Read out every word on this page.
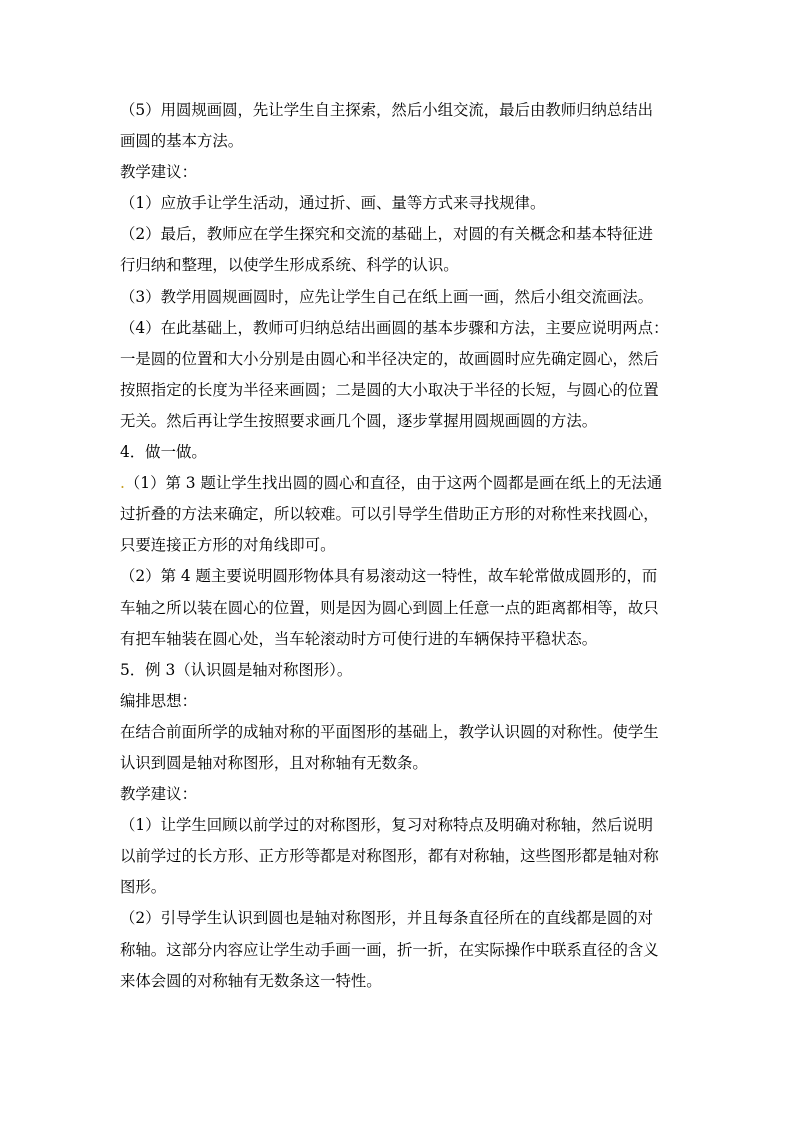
（5）用圆规画圆，先让学生自主探索，然后小组交流，最后由教师归纳总结出
画圆的基本方法。
教学建议：
（1）应放手让学生活动，通过折、画、量等方式来寻找规律。
（2）最后，教师应在学生探究和交流的基础上，对圆的有关概念和基本特征进
行归纳和整理，以使学生形成系统、科学的认识。
（3）教学用圆规画圆时，应先让学生自己在纸上画一画，然后小组交流画法。
（4）在此基础上，教师可归纳总结出画圆的基本步骤和方法，主要应说明两点：
一是圆的位置和大小分别是由圆心和半径决定的，故画圆时应先确定圆心，然后
按照指定的长度为半径来画圆；二是圆的大小取决于半径的长短，与圆心的位置
无关。然后再让学生按照要求画几个圆，逐步掌握用圆规画圆的方法。
4．做一做。
.（1）第 3 题让学生找出圆的圆心和直径，由于这两个圆都是画在纸上的无法通
过折叠的方法来确定，所以较难。可以引导学生借助正方形的对称性来找圆心，
只要连接正方形的对角线即可。
（2）第 4 题主要说明圆形物体具有易滚动这一特性，故车轮常做成圆形的，而
车轴之所以装在圆心的位置，则是因为圆心到圆上任意一点的距离都相等，故只
有把车轴装在圆心处，当车轮滚动时方可使行进的车辆保持平稳状态。
5．例 3（认识圆是轴对称图形）。
编排思想：
在结合前面所学的成轴对称的平面图形的基础上，教学认识圆的对称性。使学生
认识到圆是轴对称图形，且对称轴有无数条。
教学建议：
（1）让学生回顾以前学过的对称图形，复习对称特点及明确对称轴，然后说明
以前学过的长方形、正方形等都是对称图形，都有对称轴，这些图形都是轴对称
图形。
（2）引导学生认识到圆也是轴对称图形，并且每条直径所在的直线都是圆的对
称轴。这部分内容应让学生动手画一画，折一折，在实际操作中联系直径的含义
来体会圆的对称轴有无数条这一特性。
